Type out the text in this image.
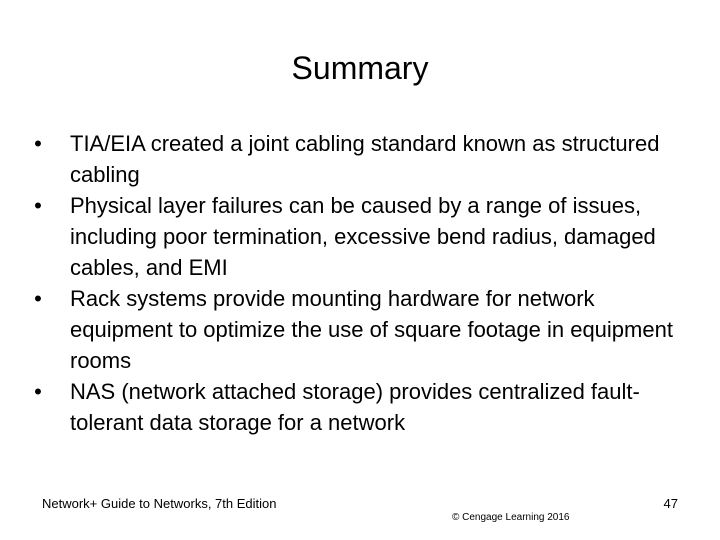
Summary
• TIA/EIA created a joint cabling standard known as structured cabling
• Physical layer failures can be caused by a range of issues, including poor termination, excessive bend radius, damaged cables, and EMI
• Rack systems provide mounting hardware for network equipment to optimize the use of square footage in equipment rooms
• NAS (network attached storage) provides centralized fault-tolerant data storage for a network
Network+ Guide to Networks, 7th Edition
© Cengage Learning 2016
47
